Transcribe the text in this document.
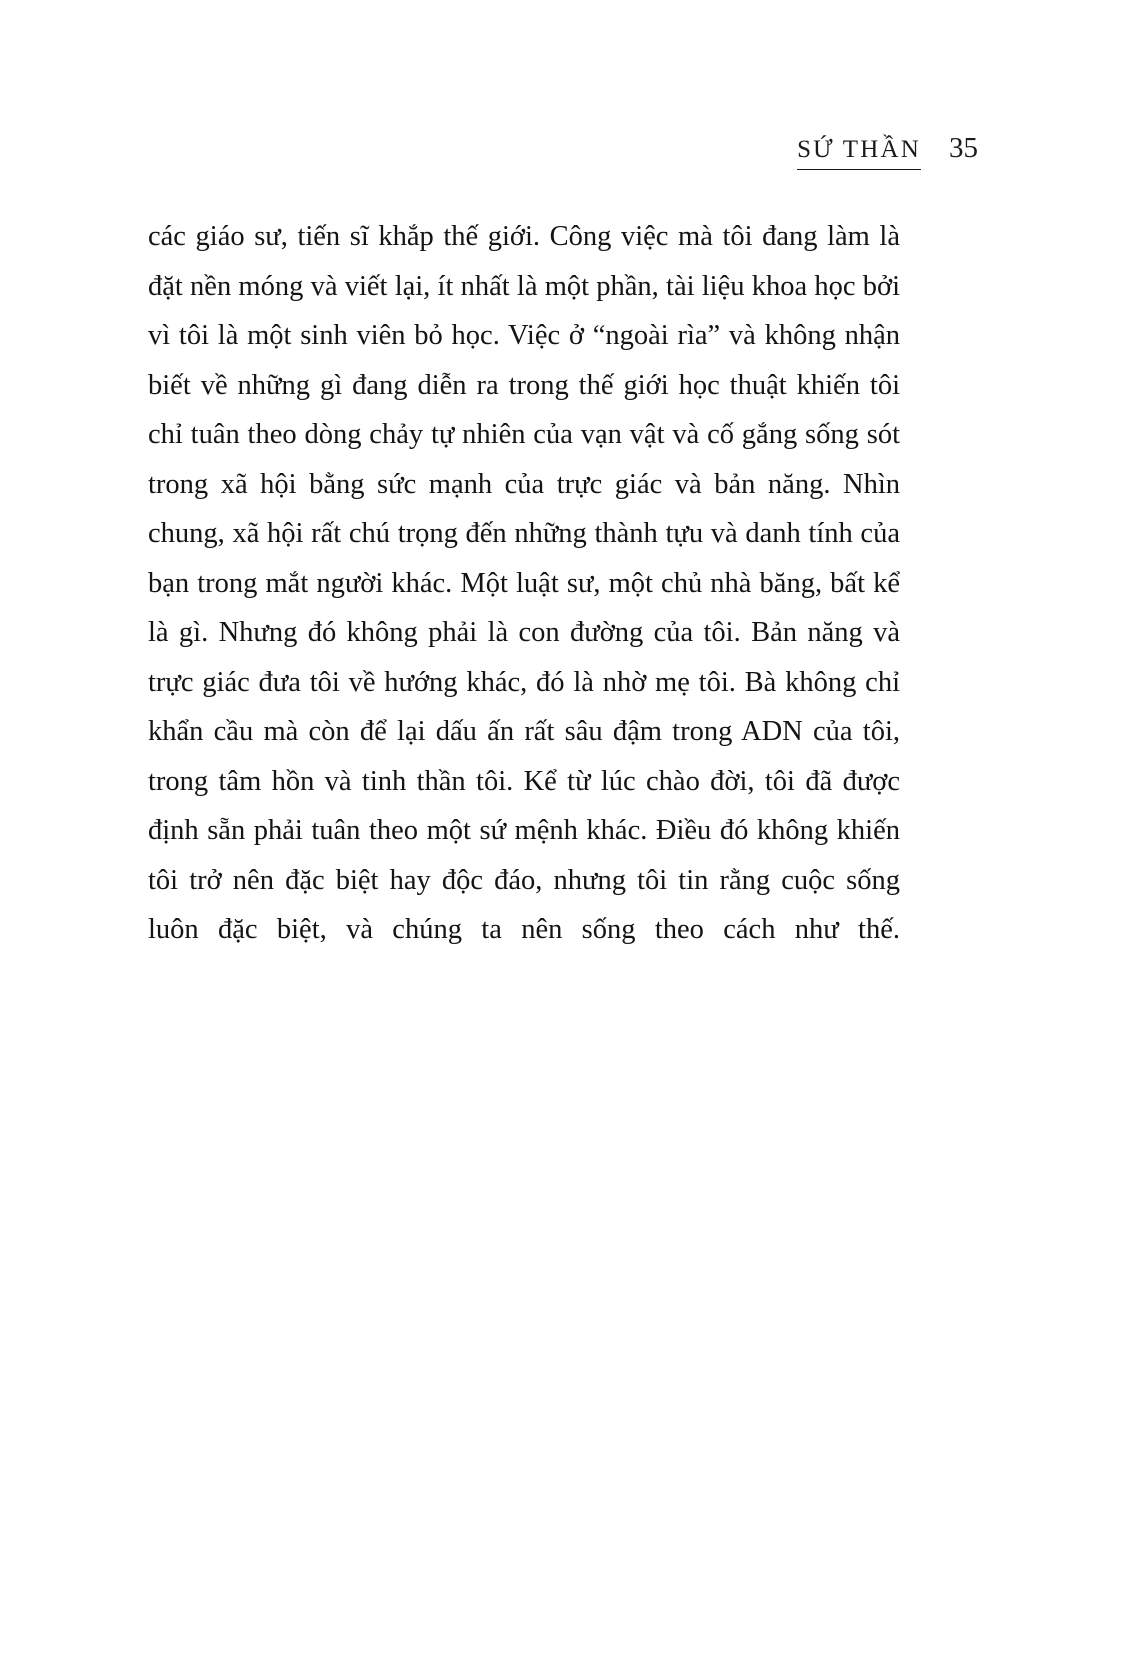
SỨ THẦN 35

các giáo sư, tiến sĩ khắp thế giới. Công việc mà tôi đang làm là đặt nền móng và viết lại, ít nhất là một phần, tài liệu khoa học bởi vì tôi là một sinh viên bỏ học. Việc ở “ngoài rìa” và không nhận biết về những gì đang diễn ra trong thế giới học thuật khiến tôi chỉ tuân theo dòng chảy tự nhiên của vạn vật và cố gắng sống sót trong xã hội bằng sức mạnh của trực giác và bản năng. Nhìn chung, xã hội rất chú trọng đến những thành tựu và danh tính của bạn trong mắt người khác. Một luật sư, một chủ nhà băng, bất kể là gì. Nhưng đó không phải là con đường của tôi. Bản năng và trực giác đưa tôi về hướng khác, đó là nhờ mẹ tôi. Bà không chỉ khẩn cầu mà còn để lại dấu ấn rất sâu đậm trong ADN của tôi, trong tâm hồn và tinh thần tôi. Kể từ lúc chào đời, tôi đã được định sẵn phải tuân theo một sứ mệnh khác. Điều đó không khiến tôi trở nên đặc biệt hay độc đáo, nhưng tôi tin rằng cuộc sống luôn đặc biệt, và chúng ta nên sống theo cách như thế.
